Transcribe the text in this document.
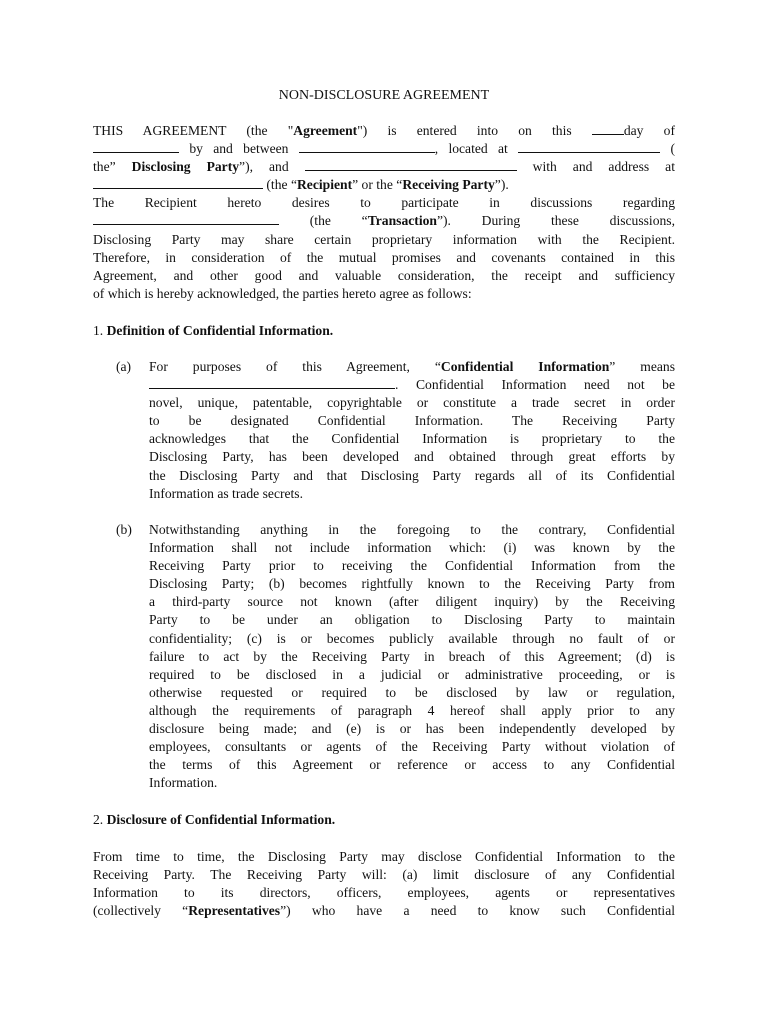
NON-DISCLOSURE AGREEMENT
THIS AGREEMENT (the "Agreement") is entered into on this	day of
by and between	, located at	(
the” Disclosing Party”), and	with and address at
(the “Recipient” or the “Receiving Party”).
The Recipient hereto desires to participate in discussions regarding
(the “Transaction”). During these discussions,
Disclosing Party may share certain proprietary information with the Recipient.
Therefore, in consideration of the mutual promises and covenants contained in this
Agreement, and other good and valuable consideration, the receipt and sufficiency
of which is hereby acknowledged, the parties hereto agree as follows:
1. Definition of Confidential Information.
(a) For purposes of this Agreement, “Confidential Information” means
. Confidential Information need not be
novel, unique, patentable, copyrightable or constitute a trade secret in order
to be designated Confidential Information. The Receiving Party
acknowledges that the Confidential Information is proprietary to the
Disclosing Party, has been developed and obtained through great efforts by
the Disclosing Party and that Disclosing Party regards all of its Confidential
Information as trade secrets.
(b) Notwithstanding anything in the foregoing to the contrary, Confidential
Information shall not include information which: (i) was known by the
Receiving Party prior to receiving the Confidential Information from the
Disclosing Party; (b) becomes rightfully known to the Receiving Party from
a third-party source not known (after diligent inquiry) by the Receiving
Party to be under an obligation to Disclosing Party to maintain
confidentiality; (c) is or becomes publicly available through no fault of or
failure to act by the Receiving Party in breach of this Agreement; (d) is
required to be disclosed in a judicial or administrative proceeding, or is
otherwise requested or required to be disclosed by law or regulation,
although the requirements of paragraph 4 hereof shall apply prior to any
disclosure being made; and (e) is or has been independently developed by
employees, consultants or agents of the Receiving Party without violation of
the terms of this Agreement or reference or access to any Confidential
Information.
2. Disclosure of Confidential Information.
From time to time, the Disclosing Party may disclose Confidential Information to the
Receiving Party. The Receiving Party will: (a) limit disclosure of any Confidential
Information to its directors, officers, employees, agents or representatives
(collectively “Representatives”) who have a need to know such Confidential
